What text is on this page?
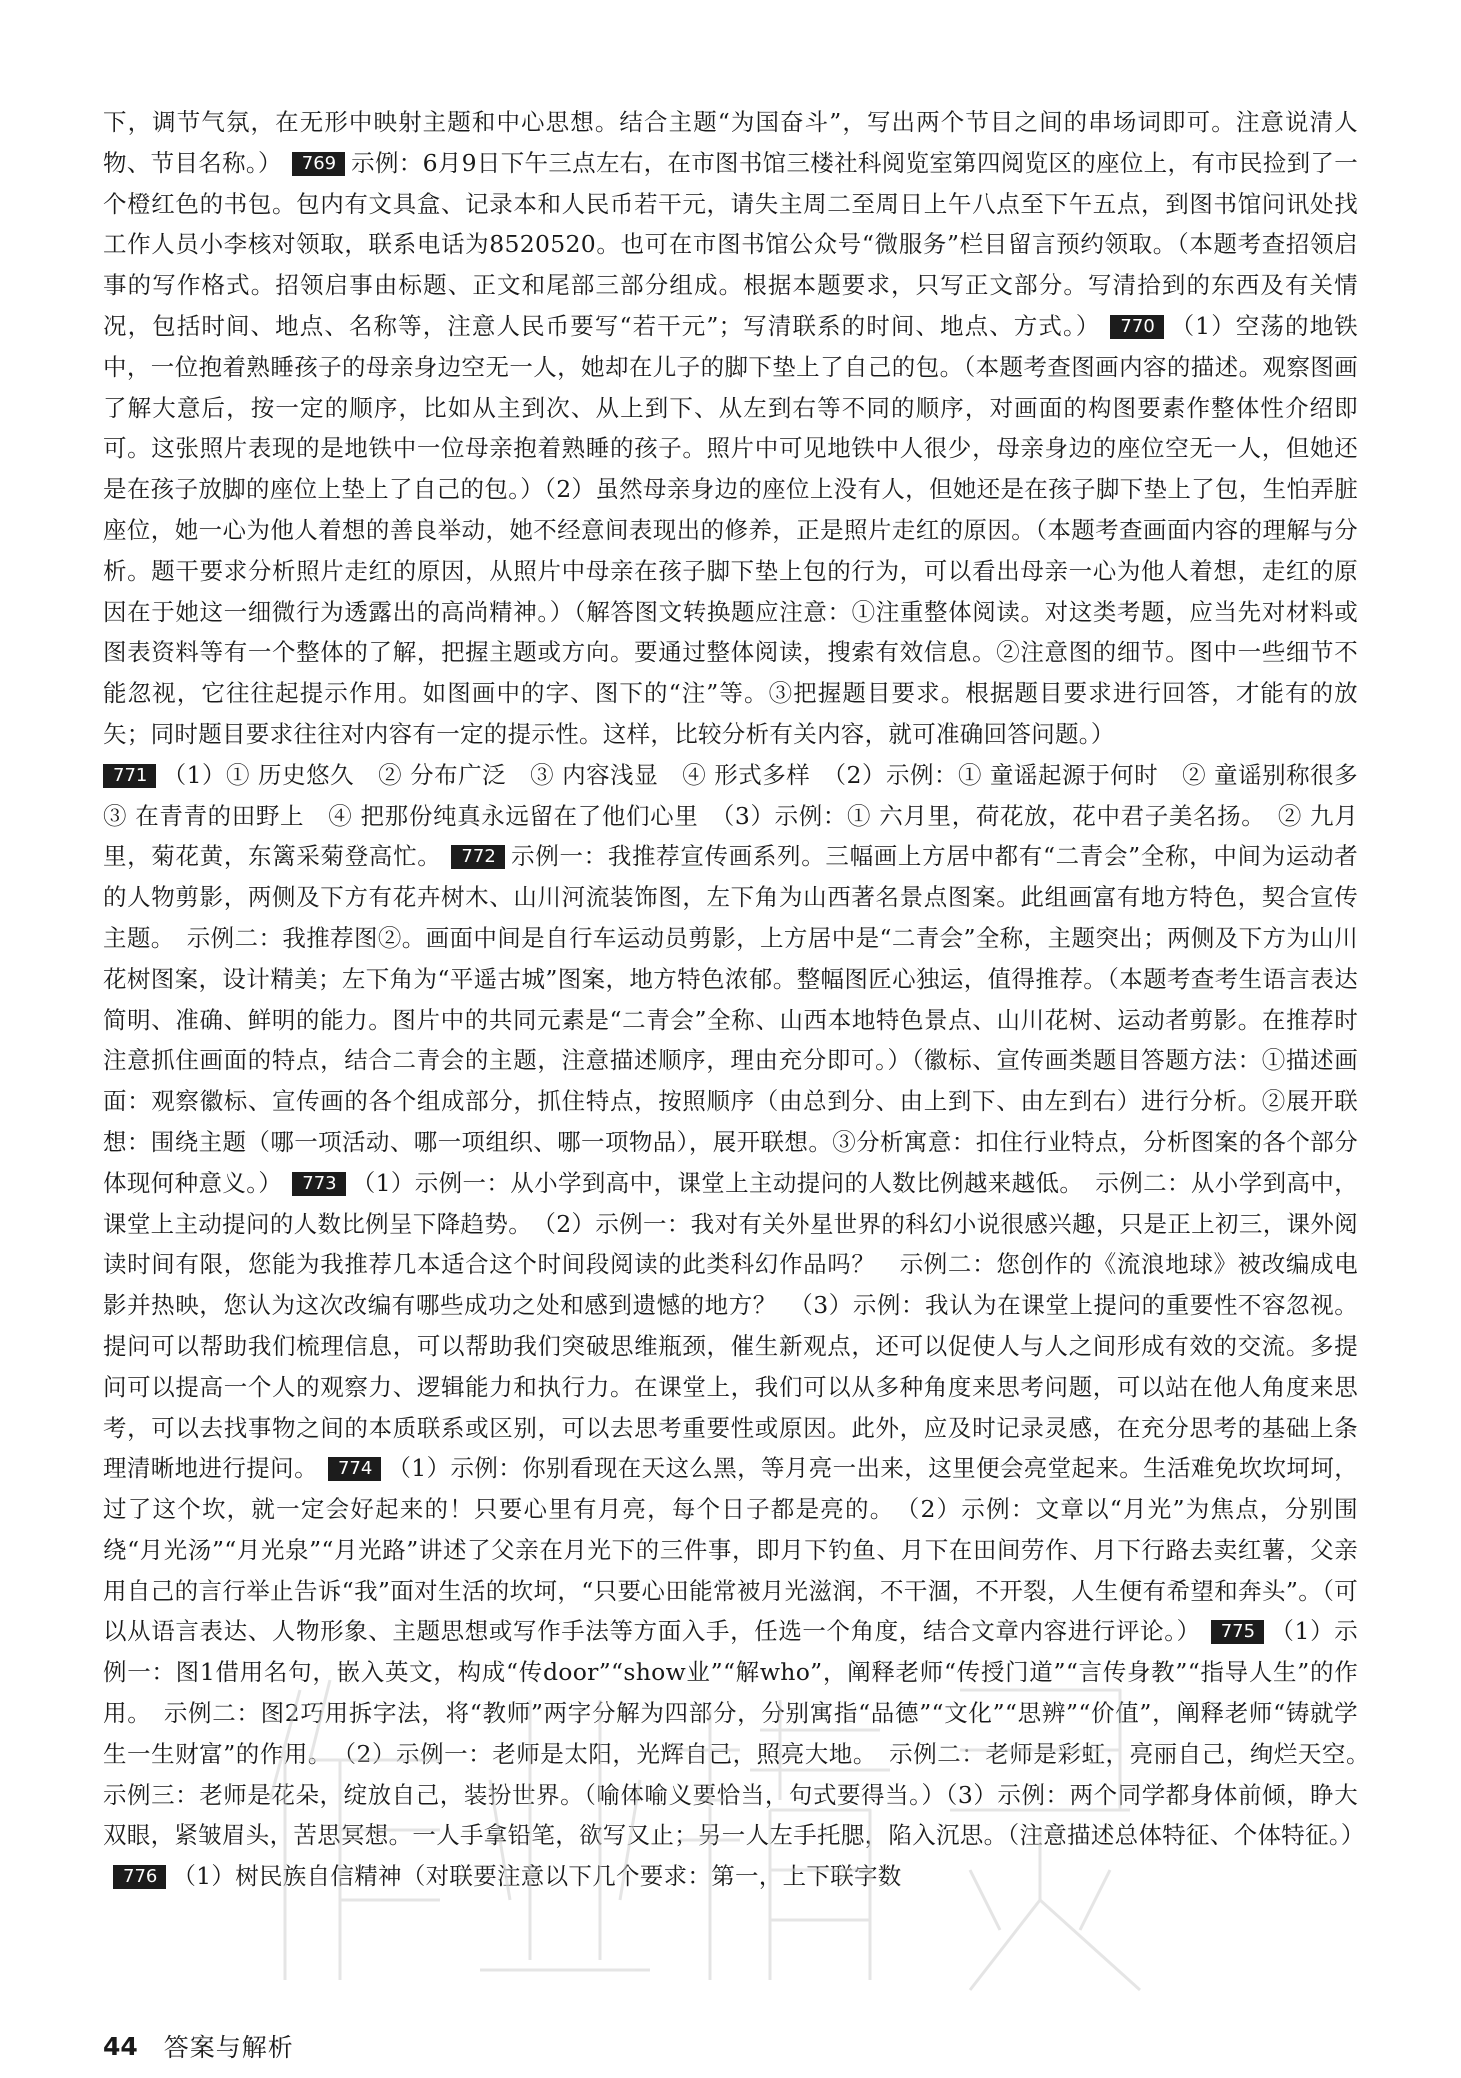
下，调节气氛，在无形中映射主题和中心思想。结合主题“为国奋斗”，写出两个节目之间的串场词即可。注意说清人物、节目名称。） 769 示例：6月9日下午三点左右，在市图书馆三楼社科阅览室第四阅览区的座位上，有市民捡到了一个橙红色的书包。包内有文具盒、记录本和人民币若干元，请失主周二至周日上午八点至下午五点，到图书馆问讯处找工作人员小李核对领取，联系电话为8520520。也可在市图书馆公众号“微服务”栏目留言预约领取。（本题考查招领启事的写作格式。招领启事由标题、正文和尾部三部分组成。根据本题要求，只写正文部分。写清拾到的东西及有关情况，包括时间、地点、名称等，注意人民币要写“若干元”；写清联系的时间、地点、方式。） 770 （1）空荡的地铁中，一位抱着熟睡孩子的母亲身边空无一人，她却在儿子的脚下垫上了自己的包。（本题考查图画内容的描述。观察图画了解大意后，按一定的顺序，比如从主到次、从上到下、从左到右等不同的顺序，对画面的构图要素作整体性介绍即可。这张照片表现的是地铁中一位母亲抱着熟睡的孩子。照片中可见地铁中人很少，母亲身边的座位空无一人，但她还是在孩子放脚的座位上垫上了自己的包。）（2）虽然母亲身边的座位上没有人，但她还是在孩子脚下垫上了包，生怕弄脏座位，她一心为他人着想的善良举动，她不经意间表现出的修养，正是照片走红的原因。（本题考查画面内容的理解与分析。题干要求分析照片走红的原因，从照片中母亲在孩子脚下垫上包的行为，可以看出母亲一心为他人着想，走红的原因在于她这一细微行为透露出的高尚精神。）（解答图文转换题应注意：①注重整体阅读。对这类考题，应当先对材料或图表资料等有一个整体的了解，把握主题或方向。要通过整体阅读，搜索有效信息。②注意图的细节。图中一些细节不能忽视，它往往起提示作用。如图画中的字、图下的“注”等。③把握题目要求。根据题目要求进行回答，才能有的放矢；同时题目要求往往对内容有一定的提示性。这样，比较分析有关内容，就可准确回答问题。）
771 （1）① 历史悠久　② 分布广泛　③ 内容浅显　④ 形式多样　（2）示例：① 童谣起源于何时　② 童谣别称很多　③ 在青青的田野上　④ 把那份纯真永远留在了他们心里　（3）示例：① 六月里，荷花放，花中君子美名扬。　② 九月里，菊花黄，东篱采菊登高忙。 772 示例一：我推荐宣传画系列。三幅画上方居中都有“二青会”全称，中间为运动者的人物剪影，两侧及下方有花卉树木、山川河流装饰图，左下角为山西著名景点图案。此组画富有地方特色，契合宣传主题。　示例二：我推荐图②。画面中间是自行车运动员剪影，上方居中是“二青会”全称，主题突出；两侧及下方为山川花树图案，设计精美；左下角为“平遥古城”图案，地方特色浓郁。整幅图匠心独运，值得推荐。（本题考查考生语言表达简明、准确、鲜明的能力。图片中的共同元素是“二青会”全称、山西本地特色景点、山川花树、运动者剪影。在推荐时注意抓住画面的特点，结合二青会的主题，注意描述顺序，理由充分即可。）（徽标、宣传画类题目答题方法：①描述画面：观察徽标、宣传画的各个组成部分，抓住特点，按照顺序（由总到分、由上到下、由左到右）进行分析。②展开联想：围绕主题（哪一项活动、哪一项组织、哪一项物品），展开联想。③分析寓意：扣住行业特点，分析图案的各个部分体现何种意义。） 773 （1）示例一：从小学到高中，课堂上主动提问的人数比例越来越低。　示例二：从小学到高中，课堂上主动提问的人数比例呈下降趋势。　（2）示例一：我对有关外星世界的科幻小说很感兴趣，只是正上初三，课外阅读时间有限，您能为我推荐几本适合这个时间段阅读的此类科幻作品吗？　示例二：您创作的《流浪地球》被改编成电影并热映，您认为这次改编有哪些成功之处和感到遗憾的地方？　（3）示例：我认为在课堂上提问的重要性不容忽视。提问可以帮助我们梳理信息，可以帮助我们突破思维瓶颈，催生新观点，还可以促使人与人之间形成有效的交流。多提问可以提高一个人的观察力、逻辑能力和执行力。在课堂上，我们可以从多种角度来思考问题，可以站在他人角度来思考，可以去找事物之间的本质联系或区别，可以去思考重要性或原因。此外，应及时记录灵感，在充分思考的基础上条理清晰地进行提问。 774 （1）示例：你别看现在天这么黑，等月亮一出来，这里便会亮堂起来。生活难免坎坎坷坷，过了这个坎，就一定会好起来的！只要心里有月亮，每个日子都是亮的。　（2）示例：文章以“月光”为焦点，分别围绕“月光汤”“月光泉”“月光路”讲述了父亲在月光下的三件事，即月下钓鱼、月下在田间劳作、月下行路去卖红薯，父亲用自己的言行举止告诉“我”面对生活的坎坷，“只要心田能常被月光滋润，不干涸，不开裂，人生便有希望和奔头”。（可以从语言表达、人物形象、主题思想或写作手法等方面入手，任选一个角度，结合文章内容进行评论。） 775 （1）示例一：图1借用名句，嵌入英文，构成“传door”“show业”“解who”，阐释老师“传授门道”“言传身教”“指导人生”的作用。　示例二：图2巧用拆字法，将“教师”两字分解为四部分，分别寓指“品德”“文化”“思辨”“价值”，阐释老师“铸就学生一生财富”的作用。　（2）示例一：老师是太阳，光辉自己，照亮大地。　示例二：老师是彩虹，亮丽自己，绚烂天空。　示例三：老师是花朵，绽放自己，装扮世界。（喻体喻义要恰当，句式要得当。）（3）示例：两个同学都身体前倾，睁大双眼，紧皱眉头，苦思冥想。一人手拿铅笔，欲写又止；另一人左手托腮，陷入沉思。（注意描述总体特征、个体特征。）776 （1）树民族自信精神（对联要注意以下几个要求：第一，上下联字数
44 答案与解析
